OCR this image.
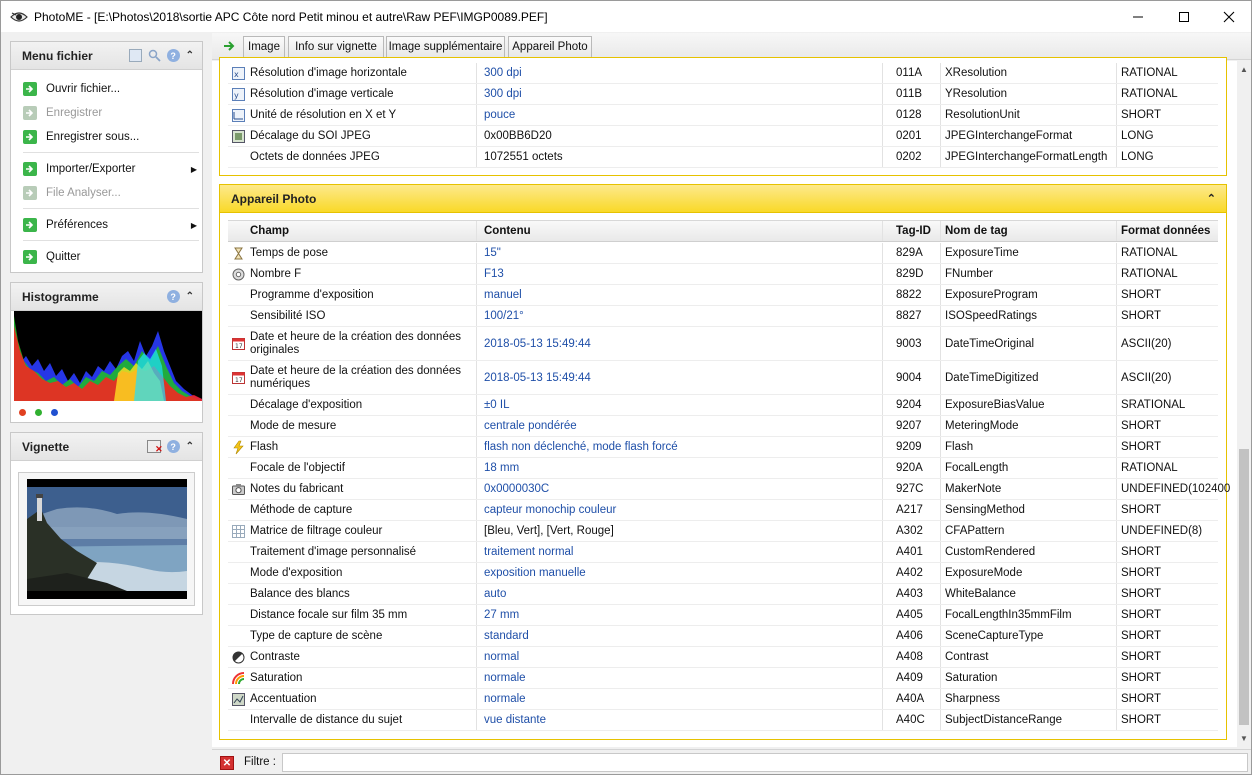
PhotoME - [E:\Photos\2018\sortie APC Côte nord Petit minou et autre\Raw PEF\IMGP0089.PEF]
Menu fichier	? ⌃

Ouvrir fichier...
Enregistrer
Enregistrer sous...
Importer/Exporter	▶
File Analyser...
Préférences	▶
Quitter
Histogramme	? ⌃
Vignette	✕ ? ⌃
Image	Info sur vignette	Image supplémentaire Appareil Photo
x Résolution d'image horizontale	300 dpi	011A	XResolution	RATIONAL
y Résolution d'image verticale	300 dpi	011B	YResolution	RATIONAL
Unité de résolution en X et Y	pouce	0128	ResolutionUnit	SHORT
Décalage du SOI JPEG	0x00BB6D20	0201	JPEGInterchangeFormat	LONG
Octets de données JPEG	1072551 octets	0202	JPEGInterchangeFormatLength	LONG
Appareil Photo	⌃
Champ	Contenu	Tag-ID	Nom de tag	Format données
Temps de pose	15"	829A	ExposureTime	RATIONAL
Nombre F	F13	829D	FNumber	RATIONAL
Programme d'exposition	manuel	8822	ExposureProgram	SHORT
Sensibilité ISO	100/21°	8827	ISOSpeedRatings	SHORT
17
Date et heure de la création des données originales	2018-05-13 15:49:44	9003	DateTimeOriginal	ASCII(20)
17
Date et heure de la création des données numériques	2018-05-13 15:49:44	9004	DateTimeDigitized	ASCII(20)
Décalage d'exposition	±0 IL	9204	ExposureBiasValue	SRATIONAL
Mode de mesure	centrale pondérée	9207	MeteringMode	SHORT
Flash	flash non déclenché, mode flash forcé	9209	Flash	SHORT
Focale de l'objectif	18 mm	920A	FocalLength	RATIONAL
Notes du fabricant	0x0000030C	927C	MakerNote	UNDEFINED(102400
Méthode de capture	capteur monochip couleur	A217	SensingMethod	SHORT
Matrice de filtrage couleur	[Bleu, Vert], [Vert, Rouge]	A302	CFAPattern	UNDEFINED(8)
Traitement d'image personnalisé	traitement normal	A401	CustomRendered	SHORT
Mode d'exposition	exposition manuelle	A402	ExposureMode	SHORT
Balance des blancs	auto	A403	WhiteBalance	SHORT
Distance focale sur film 35 mm	27 mm	A405	FocalLengthIn35mmFilm	SHORT
Type de capture de scène	standard	A406	SceneCaptureType	SHORT
Contraste	normal	A408	Contrast	SHORT
Saturation	normale	A409	Saturation	SHORT
Accentuation	normale	A40A	Sharpness	SHORT
Intervalle de distance du sujet	vue distante	A40C	SubjectDistanceRange	SHORT
▲
▼
✕ Filtre :
